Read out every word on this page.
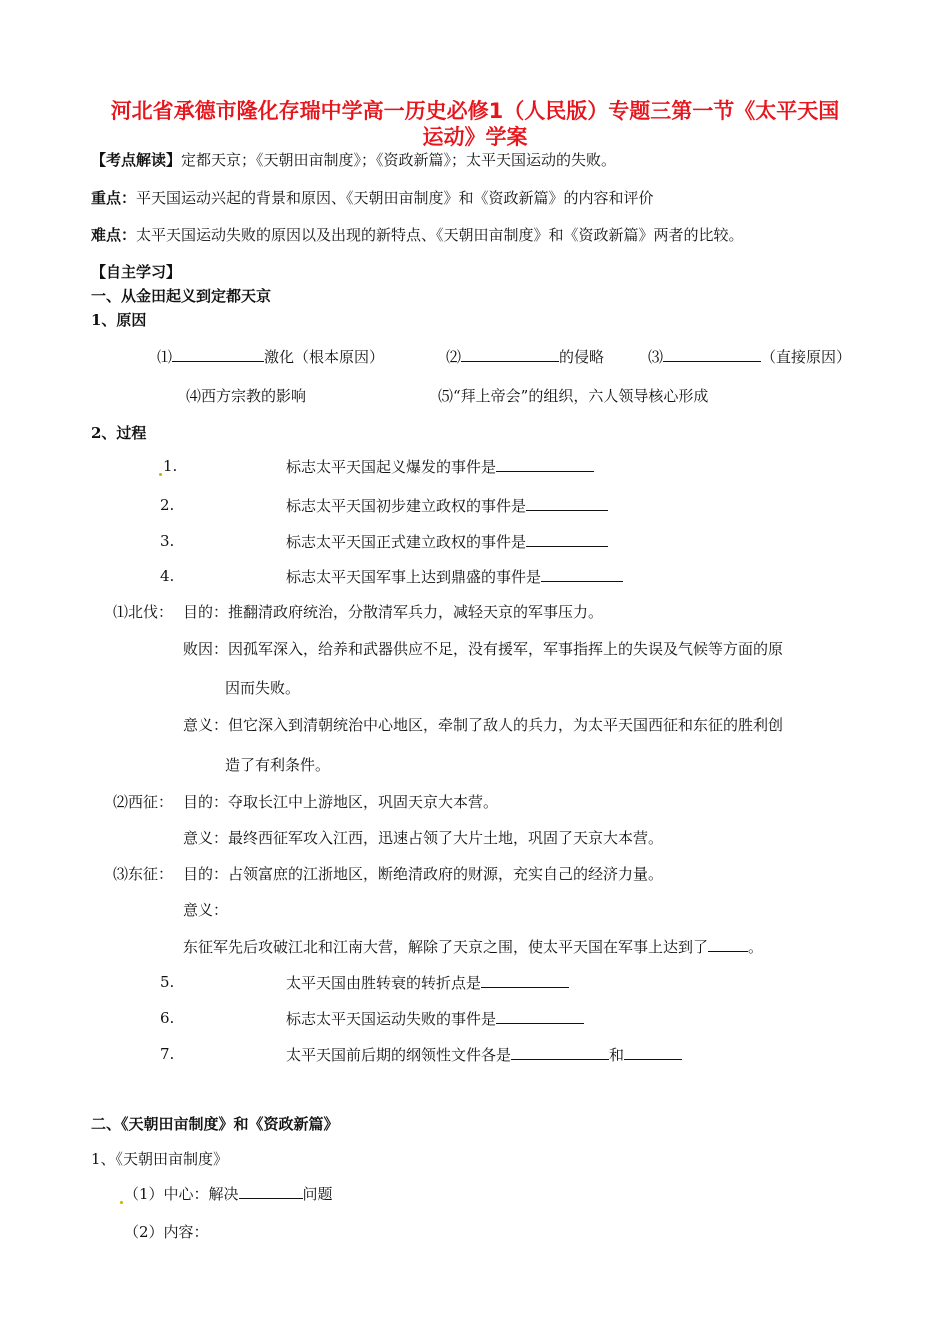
河北省承德市隆化存瑞中学高一历史必修1（人民版）专题三第一节《太平天国
运动》学案
【考点解读】定都天京；《天朝田亩制度》；《资政新篇》；太平天国运动的失败。
重点：平天国运动兴起的背景和原因、《天朝田亩制度》和《资政新篇》的内容和评价
难点：太平天国运动失败的原因以及出现的新特点、《天朝田亩制度》和《资政新篇》两者的比较。
【自主学习】
一、从金田起义到定都天京
1、原因
⑴	激化（根本原因）	⑵	的侵略	⑶	（直接原因）
⑷西方宗教的影响	⑸“拜上帝会”的组织，六人领导核心形成
2、过程
1.	标志太平天国起义爆发的事件是
2.	标志太平天国初步建立政权的事件是
3.	标志太平天国正式建立政权的事件是
4.	标志太平天国军事上达到鼎盛的事件是
⑴北伐： 目的：推翻清政府统治，分散清军兵力，减轻天京的军事压力。
败因：因孤军深入，给养和武器供应不足，没有援军，军事指挥上的失误及气候等方面的原
因而失败。
意义：但它深入到清朝统治中心地区，牵制了敌人的兵力，为太平天国西征和东征的胜利创
造了有利条件。
⑵西征： 目的：夺取长江中上游地区，巩固天京大本营。
意义：最终西征军攻入江西，迅速占领了大片土地，巩固了天京大本营。
⑶东征： 目的：占领富庶的江浙地区，断绝清政府的财源，充实自己的经济力量。
意义：
东征军先后攻破江北和江南大营，解除了天京之围，使太平天国在军事上达到了	。
5.	太平天国由胜转衰的转折点是
6.	标志太平天国运动失败的事件是
7.	太平天国前后期的纲领性文件各是	和
二、《天朝田亩制度》和《资政新篇》
1、《天朝田亩制度》
（1）中心：解决	问题
（2）内容：
